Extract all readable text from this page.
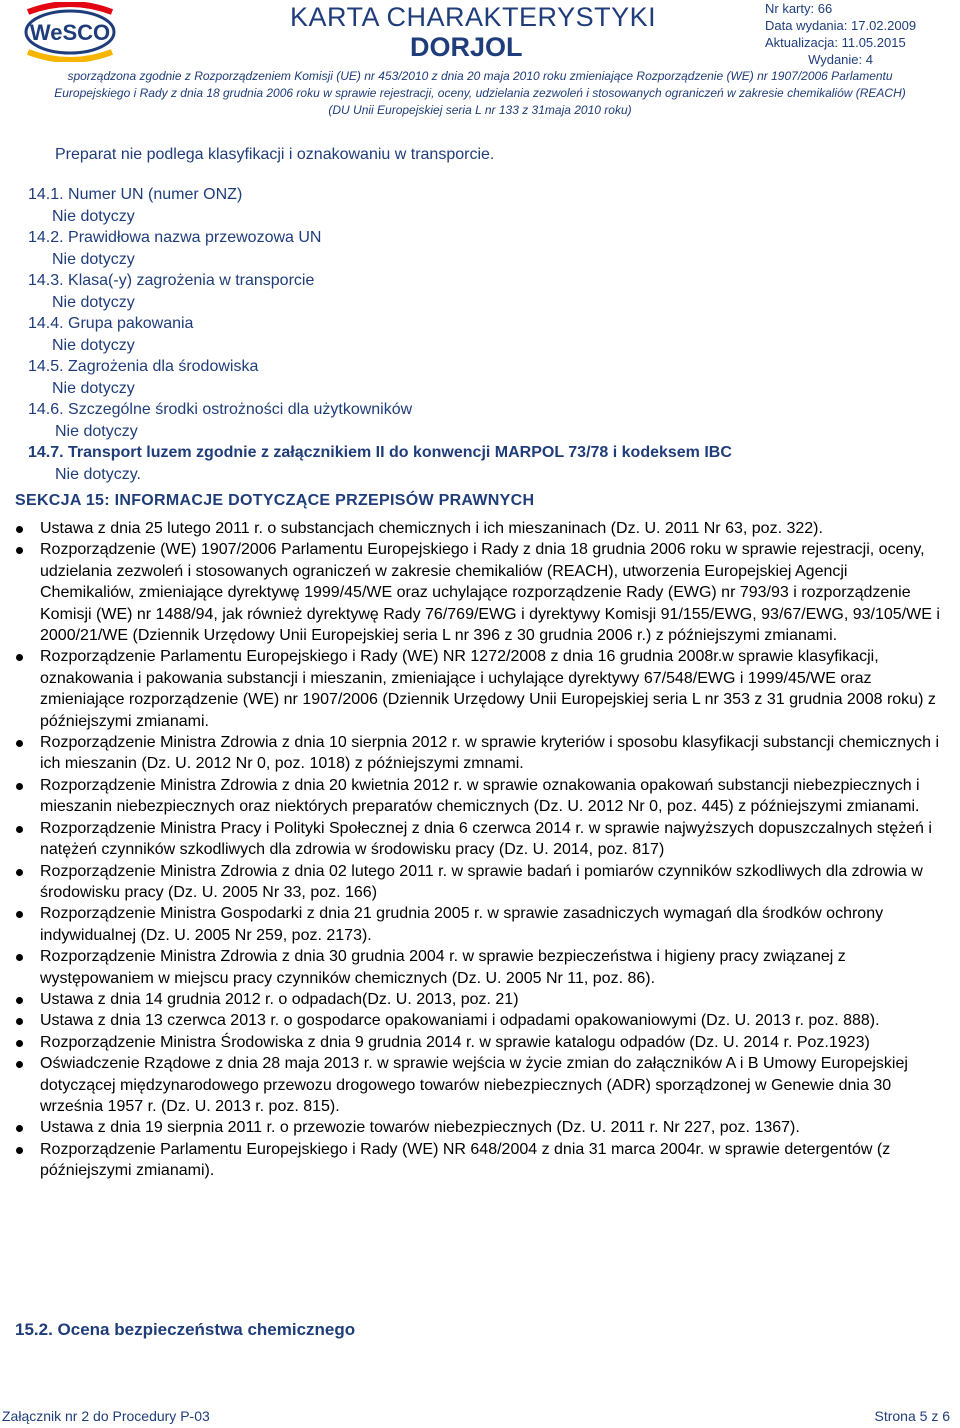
WeSCO
KARTA CHARAKTERYSTYKI
DORJOL
Nr karty: 66
Data wydania: 17.02.2009
Aktualizacja: 11.05.2015
Wydanie: 4
sporządzona zgodnie z Rozporządzeniem Komisji (UE) nr 453/2010 z dnia 20 maja 2010 roku zmieniające Rozporządzenie (WE) nr 1907/2006 Parlamentu
Europejskiego i Rady z dnia 18 grudnia 2006 roku w sprawie rejestracji, oceny, udzielania zezwoleń i stosowanych ograniczeń w zakresie chemikaliów (REACH)
(DU Unii Europejskiej seria L nr 133 z 31maja 2010 roku)
Preparat nie podlega klasyfikacji i oznakowaniu w transporcie.
14.1. Numer UN (numer ONZ)
Nie dotyczy
14.2. Prawidłowa nazwa przewozowa UN
Nie dotyczy
14.3. Klasa(-y) zagrożenia w transporcie
Nie dotyczy
14.4. Grupa pakowania
Nie dotyczy
14.5. Zagrożenia dla środowiska
Nie dotyczy
14.6. Szczególne środki ostrożności dla użytkowników
Nie dotyczy
14.7. Transport luzem zgodnie z załącznikiem II do konwencji MARPOL 73/78 i kodeksem IBC
Nie dotyczy.
SEKCJA 15: INFORMACJE DOTYCZĄCE PRZEPISÓW PRAWNYCH
Ustawa z dnia 25 lutego 2011 r. o substancjach chemicznych i ich mieszaninach (Dz. U. 2011 Nr 63, poz. 322).
Rozporządzenie (WE) 1907/2006 Parlamentu Europejskiego i Rady z dnia 18 grudnia 2006 roku w sprawie rejestracji, oceny, udzielania zezwoleń i stosowanych ograniczeń w zakresie chemikaliów (REACH), utworzenia Europejskiej Agencji Chemikaliów, zmieniające dyrektywę 1999/45/WE oraz uchylające rozporządzenie Rady (EWG) nr 793/93 i rozporządzenie Komisji (WE) nr 1488/94, jak również dyrektywę Rady 76/769/EWG i dyrektywy Komisji 91/155/EWG, 93/67/EWG, 93/105/WE i 2000/21/WE (Dziennik Urzędowy Unii Europejskiej seria L nr 396 z 30 grudnia 2006 r.) z późniejszymi zmianami.
Rozporządzenie Parlamentu Europejskiego i Rady (WE) NR 1272/2008 z dnia 16 grudnia 2008r.w sprawie klasyfikacji, oznakowania i pakowania substancji i mieszanin, zmieniające i uchylające dyrektywy 67/548/EWG i 1999/45/WE oraz zmieniające rozporządzenie (WE) nr 1907/2006 (Dziennik Urzędowy Unii Europejskiej seria L nr 353 z 31 grudnia 2008 roku) z późniejszymi zmianami.
Rozporządzenie Ministra Zdrowia z dnia 10 sierpnia 2012 r. w sprawie kryteriów i sposobu klasyfikacji substancji chemicznych i ich mieszanin (Dz. U. 2012 Nr 0, poz. 1018) z późniejszymi zmnami.
Rozporządzenie Ministra Zdrowia z dnia 20 kwietnia 2012 r. w sprawie oznakowania opakowań substancji niebezpiecznych i mieszanin niebezpiecznych oraz niektórych preparatów chemicznych (Dz. U. 2012 Nr 0, poz. 445) z późniejszymi zmianami.
Rozporządzenie Ministra Pracy i Polityki Społecznej z dnia 6 czerwca 2014 r. w sprawie najwyższych dopuszczalnych stężeń i natężeń czynników szkodliwych dla zdrowia w środowisku pracy (Dz. U. 2014, poz. 817)
Rozporządzenie Ministra Zdrowia z dnia 02 lutego 2011 r. w sprawie badań i pomiarów czynników szkodliwych dla zdrowia w środowisku pracy (Dz. U. 2005 Nr 33, poz. 166)
Rozporządzenie Ministra Gospodarki z dnia 21 grudnia 2005 r. w sprawie zasadniczych wymagań dla środków ochrony indywidualnej (Dz. U. 2005 Nr 259, poz. 2173).
Rozporządzenie Ministra Zdrowia z dnia 30 grudnia 2004 r. w sprawie bezpieczeństwa i higieny pracy związanej z występowaniem w miejscu pracy czynników chemicznych (Dz. U. 2005 Nr 11, poz. 86).
Ustawa z dnia 14 grudnia 2012 r. o odpadach(Dz. U. 2013, poz. 21)
Ustawa z dnia 13 czerwca 2013 r. o gospodarce opakowaniami i odpadami opakowaniowymi (Dz. U. 2013 r. poz. 888).
Rozporządzenie Ministra Środowiska z dnia 9 grudnia 2014 r. w sprawie katalogu odpadów (Dz. U. 2014 r. Poz.1923)
Oświadczenie Rządowe z dnia 28 maja 2013 r. w sprawie wejścia w życie zmian do załączników A i B Umowy Europejskiej dotyczącej międzynarodowego przewozu drogowego towarów niebezpiecznych (ADR) sporządzonej w Genewie dnia 30 września 1957 r. (Dz. U. 2013 r. poz. 815).
Ustawa z dnia 19 sierpnia 2011 r. o przewozie towarów niebezpiecznych (Dz. U. 2011 r. Nr 227, poz. 1367).
Rozporządzenie Parlamentu Europejskiego i Rady (WE) NR 648/2004 z dnia 31 marca 2004r. w sprawie detergentów (z późniejszymi zmianami).
15.2. Ocena bezpieczeństwa chemicznego
Załącznik nr 2 do Procedury P-03	Strona 5 z 6
